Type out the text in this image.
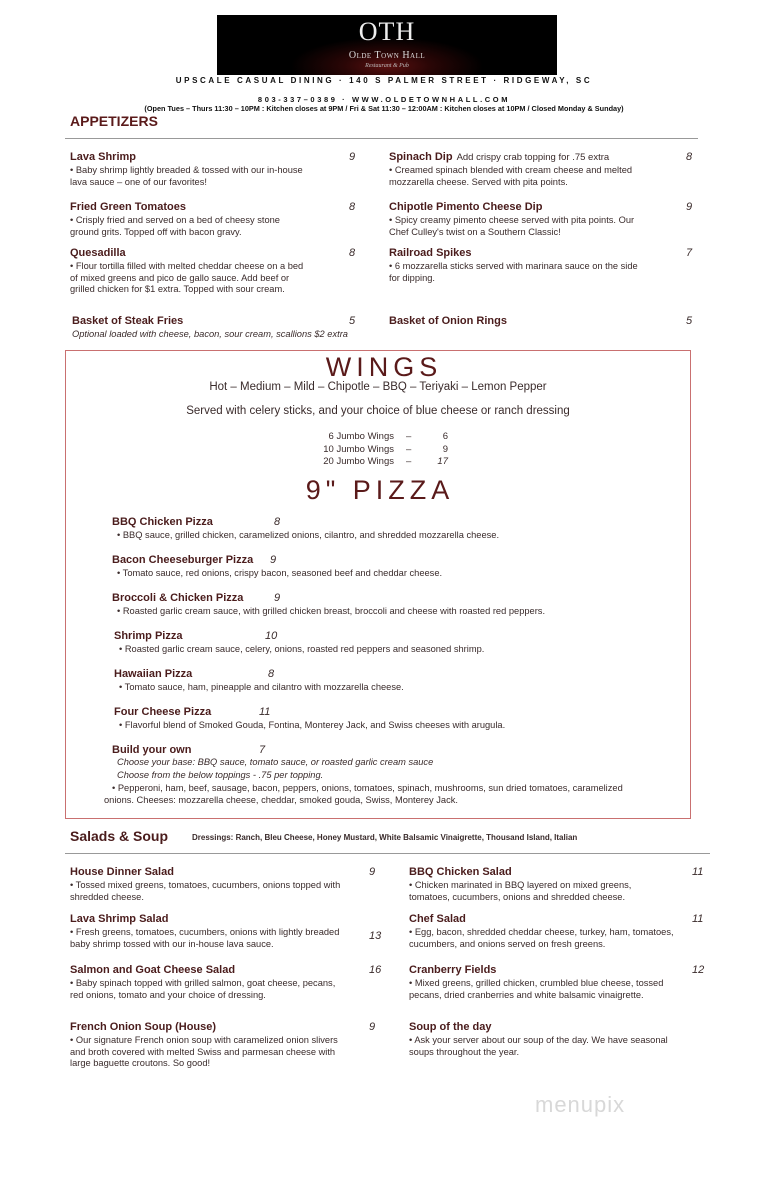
OTH
Olde Town Hall
Restaurant & Pub
UPSCALE CASUAL DINING · 140 S PALMER STREET · RIDGEWAY, SC
803-337–0389 · WWW.OLDETOWNHALL.COM
(Open Tues – Thurs 11:30 – 10PM : Kitchen closes at 9PM / Fri & Sat 11:30 – 12:00AM : Kitchen closes at 10PM / Closed Monday & Sunday)
APPETIZERS
WINGS
Hot – Medium – Mild – Chipotle – BBQ – Teriyaki – Lemon Pepper
Served with celery sticks, and your choice of blue cheese or ranch dressing
9" PIZZA
Salads & Soup	Dressings: Ranch, Bleu Cheese, Honey Mustard, White Balsamic Vinaigrette, Thousand Island, Italian
menupix
Lava Shrimp
• Baby shrimp lightly breaded & tossed with our in-house lava sauce – one of our favorites!
9
Fried Green Tomatoes
• Crisply fried and served on a bed of cheesy stone ground grits. Topped off with bacon gravy.
8
Quesadilla
• Flour tortilla filled with melted cheddar cheese on a bed of mixed greens and pico de gallo sauce. Add beef or grilled chicken for $1 extra. Topped with sour cream.
8
Basket of Steak Fries
Optional loaded with cheese, bacon, sour cream, scallions $2 extra
5
Spinach Dip Add crispy crab topping for .75 extra
• Creamed spinach blended with cream cheese and melted mozzarella cheese. Served with pita points.
8
Chipotle Pimento Cheese Dip
• Spicy creamy pimento cheese served with pita points. Our Chef Culley's twist on a Southern Classic!
9
Railroad Spikes
• 6 mozzarella sticks served with marinara sauce on the side for dipping.
7
Basket of Onion Rings	5
6 Jumbo Wings –	6
10 Jumbo Wings –	9
20 Jumbo Wings –	17
BBQ Chicken Pizza
• BBQ sauce, grilled chicken, caramelized onions, cilantro, and shredded mozzarella cheese.
8
Bacon Cheeseburger Pizza
• Tomato sauce, red onions, crispy bacon, seasoned beef and cheddar cheese.
9
Broccoli & Chicken Pizza
• Roasted garlic cream sauce, with grilled chicken breast, broccoli and cheese with roasted red peppers.
9
Shrimp Pizza
• Roasted garlic cream sauce, celery, onions, roasted red peppers and seasoned shrimp.
10
Hawaiian Pizza
• Tomato sauce, ham, pineapple and cilantro with mozzarella cheese.
8
Four Cheese Pizza
• Flavorful blend of Smoked Gouda, Fontina, Monterey Jack, and Swiss cheeses with arugula.
11
Build your own
Choose your base: BBQ sauce, tomato sauce, or roasted garlic cream sauce
Choose from the below toppings - .75 per topping.
• Pepperoni, ham, beef, sausage, bacon, peppers, onions, tomatoes, spinach, mushrooms, sun dried tomatoes, caramelized onions. Cheeses: mozzarella cheese, cheddar, smoked gouda, Swiss, Monterey Jack.
7
House Dinner Salad
• Tossed mixed greens, tomatoes, cucumbers, onions topped with shredded cheese.
9
Lava Shrimp Salad
• Fresh greens, tomatoes, cucumbers, onions with lightly breaded baby shrimp tossed with our in-house lava sauce.
13
Salmon and Goat Cheese Salad
• Baby spinach topped with grilled salmon, goat cheese, pecans, red onions, tomato and your choice of dressing.
16
French Onion Soup (House)
• Our signature French onion soup with caramelized onion slivers and broth covered with melted Swiss and parmesan cheese with large baguette croutons. So good!
9
BBQ Chicken Salad
• Chicken marinated in BBQ layered on mixed greens, tomatoes, cucumbers, onions and shredded cheese.
11
Chef Salad
• Egg, bacon, shredded cheddar cheese, turkey, ham, tomatoes, cucumbers, and onions served on fresh greens.
11
Cranberry Fields
• Mixed greens, grilled chicken, crumbled blue cheese, tossed pecans, dried cranberries and white balsamic vinaigrette.
12
Soup of the day
• Ask your server about our soup of the day. We have seasonal soups throughout the year.
